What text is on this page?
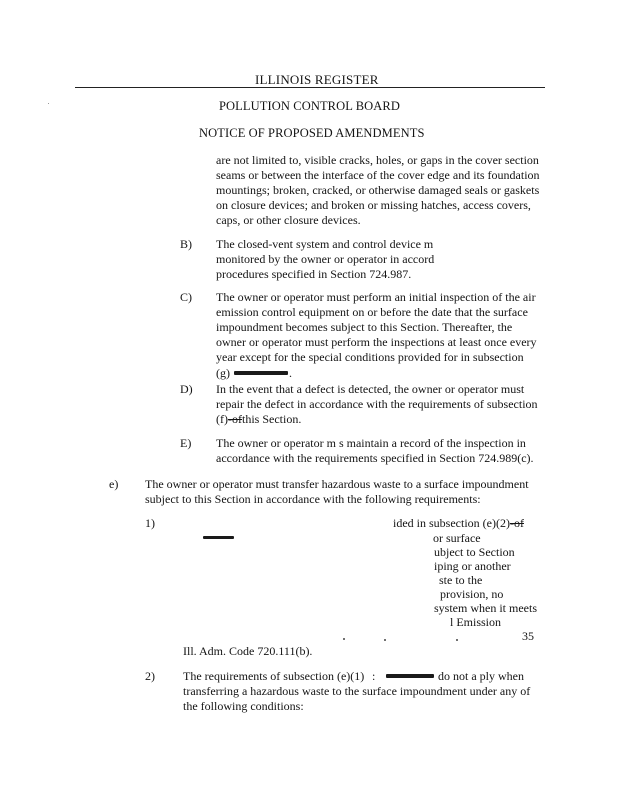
ILLINOIS REGISTER
POLLUTION CONTROL BOARD
NOTICE OF PROPOSED AMENDMENTS
are not limited to, visible cracks, holes, or gaps in the cover section
seams or between the interface of the cover edge and its foundation
mountings; broken, cracked, or otherwise damaged seals or gaskets
on closure devices; and broken or missing hatches, access covers,
caps, or other closure devices.
B) The closed-vent system and control device m
monitored by the owner or operator in accord
procedures specified in Section 724.987.
C) The owner or operator must perform an initial inspection of the air
emission control equipment on or before the date that the surface
impoundment becomes subject to this Section. Thereafter, the
owner or operator must perform the inspections at least once every
year except for the special conditions provided for in subsection
(g)	.
D) In the event that a defect is detected, the owner or operator must
repair the defect in accordance with the requirements of subsection
(f)-ofthis Section.
E) The owner or operator m s maintain a record of the inspection in
accordance with the requirements specified in Section 724.989(c).
e) The owner or operator must transfer hazardous waste to a surface impoundment
subject to this Section in accordance with the following requirements:
1)	ided in subsection (e)(2)-of
or surface
ubject to Section
iping or another
ste to the
provision, no
system when it meets
l Emission
35
Ill. Adm. Code 720.111(b).
2) The requirements of subsection (e)(1) :	do not a ply when
transferring a hazardous waste to the surface impoundment under any of
the following conditions:
